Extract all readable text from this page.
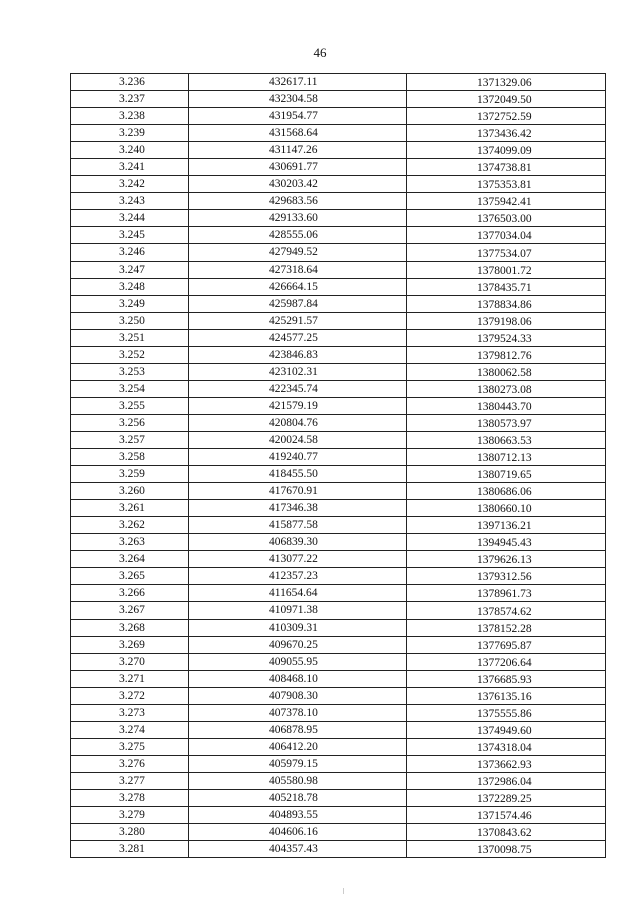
46
3.236	432617.11	1371329.06
3.237	432304.58	1372049.50
3.238	431954.77	1372752.59
3.239	431568.64	1373436.42
3.240	431147.26	1374099.09
3.241	430691.77	1374738.81
3.242	430203.42	1375353.81
3.243	429683.56	1375942.41
3.244	429133.60	1376503.00
3.245	428555.06	1377034.04
3.246	427949.52	1377534.07
3.247	427318.64	1378001.72
3.248	426664.15	1378435.71
3.249	425987.84	1378834.86
3.250	425291.57	1379198.06
3.251	424577.25	1379524.33
3.252	423846.83	1379812.76
3.253	423102.31	1380062.58
3.254	422345.74	1380273.08
3.255	421579.19	1380443.70
3.256	420804.76	1380573.97
3.257	420024.58	1380663.53
3.258	419240.77	1380712.13
3.259	418455.50	1380719.65
3.260	417670.91	1380686.06
3.261	417346.38	1380660.10
3.262	415877.58	1397136.21
3.263	406839.30	1394945.43
3.264	413077.22	1379626.13
3.265	412357.23	1379312.56
3.266	411654.64	1378961.73
3.267	410971.38	1378574.62
3.268	410309.31	1378152.28
3.269	409670.25	1377695.87
3.270	409055.95	1377206.64
3.271	408468.10	1376685.93
3.272	407908.30	1376135.16
3.273	407378.10	1375555.86
3.274	406878.95	1374949.60
3.275	406412.20	1374318.04
3.276	405979.15	1373662.93
3.277	405580.98	1372986.04
3.278	405218.78	1372289.25
3.279	404893.55	1371574.46
3.280	404606.16	1370843.62
3.281	404357.43	1370098.75
